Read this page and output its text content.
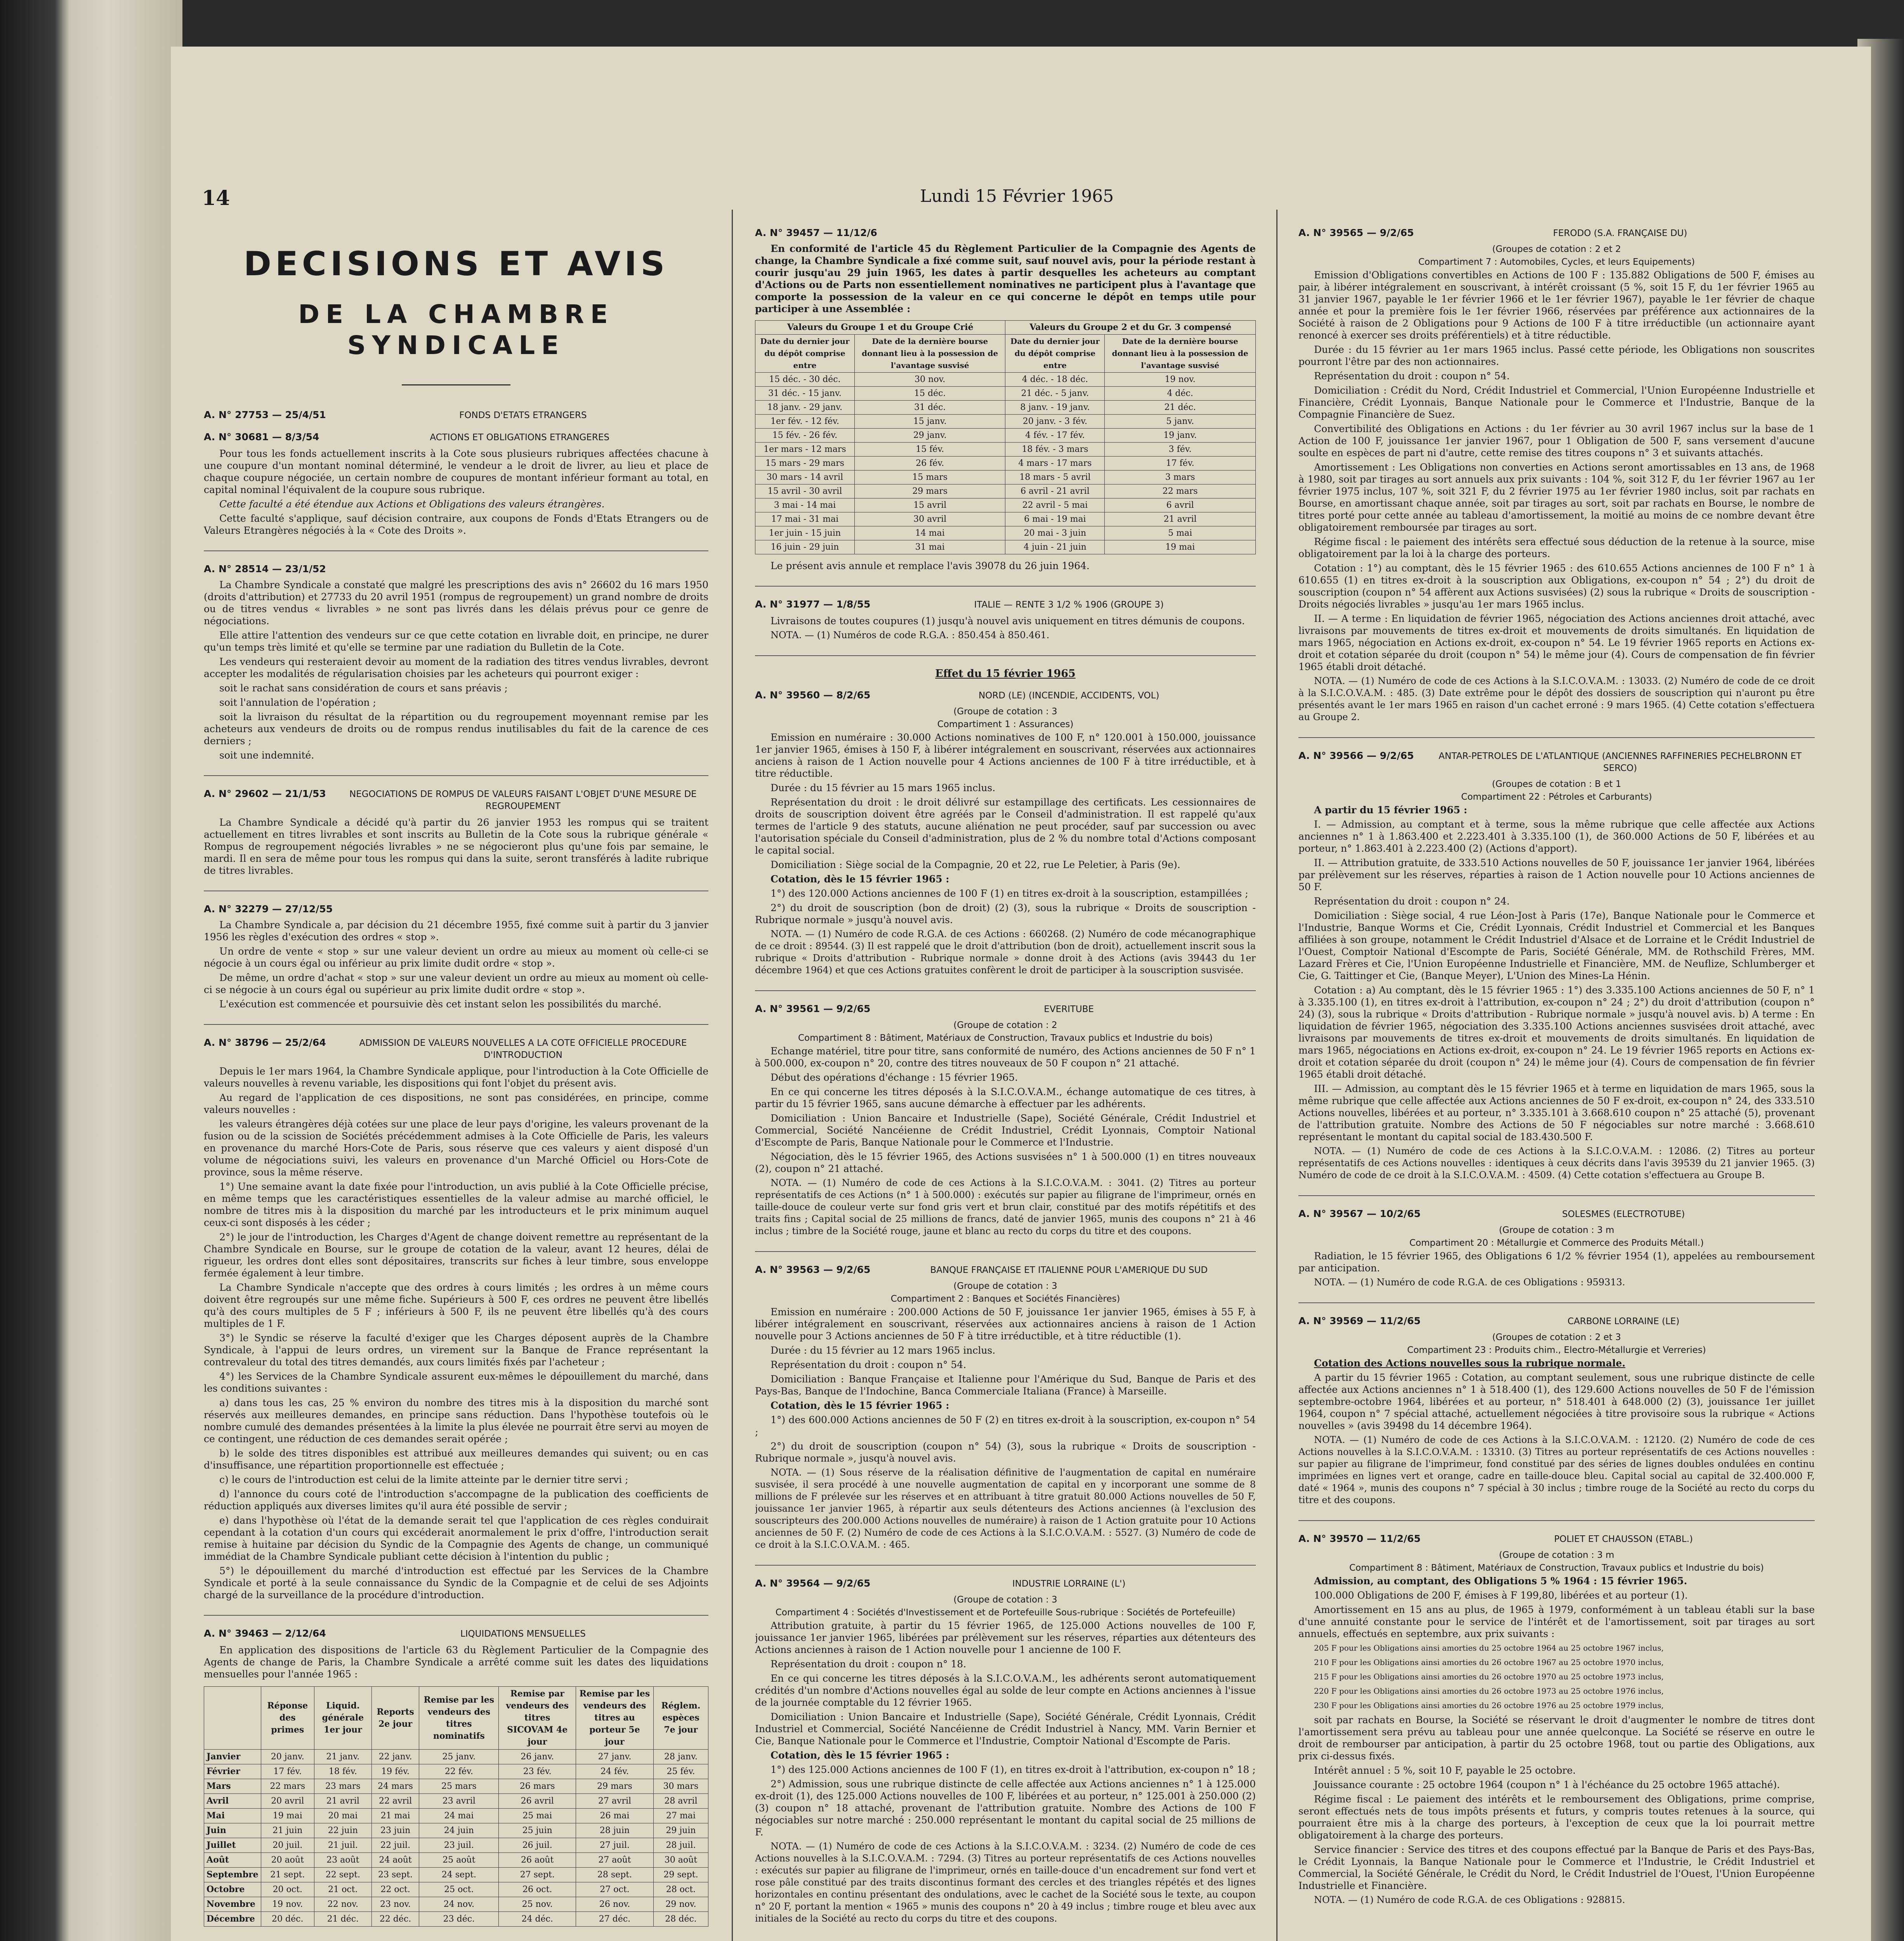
14	Lundi 15 Février 1965
DECISIONS ET AVIS
DE LA CHAMBRE SYNDICALE
A. N° 27753 — 25/4/51	FONDS D'ETATS ETRANGERS
A. N° 30681 — 8/3/54	ACTIONS ET OBLIGATIONS ETRANGERES

Pour tous les fonds actuellement inscrits à la Cote sous plusieurs rubriques affectées chacune à une coupure d'un montant nominal déterminé, le vendeur a le droit de livrer, au lieu et place de chaque coupure négociée, un certain nombre de coupures de montant inférieur formant au total, en capital nominal l'équivalent de la coupure sous rubrique.

Cette faculté a été étendue aux Actions et Obligations des valeurs étrangères.

Cette faculté s'applique, sauf décision contraire, aux coupons de Fonds d'Etats Etrangers ou de Valeurs Etrangères négociés à la « Cote des Droits ».

A. N° 28514 — 23/1/52

La Chambre Syndicale a constaté que malgré les prescriptions des avis n° 26602 du 16 mars 1950 (droits d'attribution) et 27733 du 20 avril 1951 (rompus de regroupement) un grand nombre de droits ou de titres vendus « livrables » ne sont pas livrés dans les délais prévus pour ce genre de négociations.

Elle attire l'attention des vendeurs sur ce que cette cotation en livrable doit, en principe, ne durer qu'un temps très limité et qu'elle se termine par une radiation du Bulletin de la Cote.

Les vendeurs qui resteraient devoir au moment de la radiation des titres vendus livrables, devront accepter les modalités de régularisation choisies par les acheteurs qui pourront exiger :

soit le rachat sans considération de cours et sans préavis ;

soit l'annulation de l'opération ;

soit la livraison du résultat de la répartition ou du regroupement moyennant remise par les acheteurs aux vendeurs de droits ou de rompus rendus inutilisables du fait de la carence de ces derniers ;

soit une indemnité.

A. N° 29602 — 21/1/53	NEGOCIATIONS DE ROMPUS DE VALEURS FAISANT L'OBJET D'UNE MESURE DE REGROUPEMENT

La Chambre Syndicale a décidé qu'à partir du 26 janvier 1953 les rompus qui se traitent actuellement en titres livrables et sont inscrits au Bulletin de la Cote sous la rubrique générale « Rompus de regroupement négociés livrables » ne se négocieront plus qu'une fois par semaine, le mardi. Il en sera de même pour tous les rompus qui dans la suite, seront transférés à ladite rubrique de titres livrables.

A. N° 32279 — 27/12/55

La Chambre Syndicale a, par décision du 21 décembre 1955, fixé comme suit à partir du 3 janvier 1956 les règles d'exécution des ordres « stop ».

Un ordre de vente « stop » sur une valeur devient un ordre au mieux au moment où celle-ci se négocie à un cours égal ou inférieur au prix limite dudit ordre « stop ».

De même, un ordre d'achat « stop » sur une valeur devient un ordre au mieux au moment où celle-ci se négocie à un cours égal ou supérieur au prix limite dudit ordre « stop ».

L'exécution est commencée et poursuivie dès cet instant selon les possibilités du marché.

A. N° 38796 — 25/2/64	ADMISSION DE VALEURS NOUVELLES A LA COTE OFFICIELLE PROCEDURE D'INTRODUCTION

Depuis le 1er mars 1964, la Chambre Syndicale applique, pour l'introduction à la Cote Officielle de valeurs nouvelles à revenu variable, les dispositions qui font l'objet du présent avis.

Au regard de l'application de ces dispositions, ne sont pas considérées, en principe, comme valeurs nouvelles :

les valeurs étrangères déjà cotées sur une place de leur pays d'origine, les valeurs provenant de la fusion ou de la scission de Sociétés précédemment admises à la Cote Officielle de Paris, les valeurs en provenance du marché Hors-Cote de Paris, sous réserve que ces valeurs y aient disposé d'un volume de négociations suivi, les valeurs en provenance d'un Marché Officiel ou Hors-Cote de province, sous la même réserve.

1°) Une semaine avant la date fixée pour l'introduction, un avis publié à la Cote Officielle précise, en même temps que les caractéristiques essentielles de la valeur admise au marché officiel, le nombre de titres mis à la disposition du marché par les introducteurs et le prix minimum auquel ceux-ci sont disposés à les céder ;

2°) le jour de l'introduction, les Charges d'Agent de change doivent remettre au représentant de la Chambre Syndicale en Bourse, sur le groupe de cotation de la valeur, avant 12 heures, délai de rigueur, les ordres dont elles sont dépositaires, transcrits sur fiches à leur timbre, sous enveloppe fermée également à leur timbre.

La Chambre Syndicale n'accepte que des ordres à cours limités ; les ordres à un même cours doivent être regroupés sur une même fiche. Supérieurs à 500 F, ces ordres ne peuvent être libellés qu'à des cours multiples de 5 F ; inférieurs à 500 F, ils ne peuvent être libellés qu'à des cours multiples de 1 F.

3°) le Syndic se réserve la faculté d'exiger que les Charges déposent auprès de la Chambre Syndicale, à l'appui de leurs ordres, un virement sur la Banque de France représentant la contrevaleur du total des titres demandés, aux cours limités fixés par l'acheteur ;

4°) les Services de la Chambre Syndicale assurent eux-mêmes le dépouillement du marché, dans les conditions suivantes :

a) dans tous les cas, 25 % environ du nombre des titres mis à la disposition du marché sont réservés aux meilleures demandes, en principe sans réduction. Dans l'hypothèse toutefois où le nombre cumulé des demandes présentées à la limite la plus élevée ne pourrait être servi au moyen de ce contingent, une réduction de ces demandes serait opérée ;

b) le solde des titres disponibles est attribué aux meilleures demandes qui suivent; ou en cas d'insuffisance, une répartition proportionnelle est effectuée ;

c) le cours de l'introduction est celui de la limite atteinte par le dernier titre servi ;

d) l'annonce du cours coté de l'introduction s'accompagne de la publication des coefficients de réduction appliqués aux diverses limites qu'il aura été possible de servir ;

e) dans l'hypothèse où l'état de la demande serait tel que l'application de ces règles conduirait cependant à la cotation d'un cours qui excéderait anormalement le prix d'offre, l'introduction serait remise à huitaine par décision du Syndic de la Compagnie des Agents de change, un communiqué immédiat de la Chambre Syndicale publiant cette décision à l'intention du public ;

5°) le dépouillement du marché d'introduction est effectué par les Services de la Chambre Syndicale et porté à la seule connaissance du Syndic de la Compagnie et de celui de ses Adjoints chargé de la surveillance de la procédure d'introduction.

A. N° 39463 — 2/12/64	LIQUIDATIONS MENSUELLES

En application des dispositions de l'article 63 du Règlement Particulier de la Compagnie des Agents de change de Paris, la Chambre Syndicale a arrêté comme suit les dates des liquidations mensuelles pour l'année 1965 :

	Réponse des primes	Liquid. générale 1er jour	Reports 2e jour	Remise par les vendeurs des titres nominatifs	Remise par vendeurs des titres SICOVAM 4e jour	Remise par les vendeurs des titres au porteur 5e jour	Réglem. espèces 7e jour
Janvier	20 janv.	21 janv.	22 janv.	25 janv.	26 janv.	27 janv.	28 janv.
Février	17 fév.	18 fév.	19 fév.	22 fév.	23 fév.	24 fév.	25 fév.
Mars	22 mars	23 mars	24 mars	25 mars	26 mars	29 mars	30 mars
Avril	20 avril	21 avril	22 avril	23 avril	26 avril	27 avril	28 avril
Mai	19 mai	20 mai	21 mai	24 mai	25 mai	26 mai	27 mai
Juin	21 juin	22 juin	23 juin	24 juin	25 juin	28 juin	29 juin
Juillet	20 juil.	21 juil.	22 juil.	23 juil.	26 juil.	27 juil.	28 juil.
Août	20 août	23 août	24 août	25 août	26 août	27 août	30 août
Septembre	21 sept.	22 sept.	23 sept.	24 sept.	27 sept.	28 sept.	29 sept.
Octobre	20 oct.	21 oct.	22 oct.	25 oct.	26 oct.	27 oct.	28 oct.
Novembre	19 nov.	22 nov.	23 nov.	24 nov.	25 nov.	26 nov.	29 nov.
Décembre	20 déc.	21 déc.	22 déc.	23 déc.	24 déc.	27 déc.	28 déc.
A. N° 39457 — 11/12/6

En conformité de l'article 45 du Règlement Particulier de la Compagnie des Agents de change, la Chambre Syndicale a fixé comme suit, sauf nouvel avis, pour la période restant à courir jusqu'au 29 juin 1965, les dates à partir desquelles les acheteurs au comptant d'Actions ou de Parts non essentiellement nominatives ne participent plus à l'avantage que comporte la possession de la valeur en ce qui concerne le dépôt en temps utile pour participer à une Assemblée :

Valeurs du Groupe 1 et du Groupe Crié		Valeurs du Groupe 2 et du Gr. 3 compensé	
Date du dernier jour du dépôt comprise entre	Date de la dernière bourse donnant lieu à la possession de l'avantage susvisé	Date du dernier jour du dépôt comprise entre	Date de la dernière bourse donnant lieu à la possession de l'avantage susvisé
15 déc. - 30 déc.	30 nov.	4 déc. - 18 déc.	19 nov.
31 déc. - 15 janv.	15 déc.	21 déc. - 5 janv.	4 déc.
18 janv. - 29 janv.	31 déc.	8 janv. - 19 janv.	21 déc.
1er fév. - 12 fév.	15 janv.	20 janv. - 3 fév.	5 janv.
15 fév. - 26 fév.	29 janv.	4 fév. - 17 fév.	19 janv.
1er mars - 12 mars	15 fév.	18 fév. - 3 mars	3 fév.
15 mars - 29 mars	26 fév.	4 mars - 17 mars	17 fév.
30 mars - 14 avril	15 mars	18 mars - 5 avril	3 mars
15 avril - 30 avril	29 mars	6 avril - 21 avril	22 mars
3 mai - 14 mai	15 avril	22 avril - 5 mai	6 avril
17 mai - 31 mai	30 avril	6 mai - 19 mai	21 avril
1er juin - 15 juin	14 mai	20 mai - 3 juin	5 mai
16 juin - 29 juin	31 mai	4 juin - 21 juin	19 mai

Le présent avis annule et remplace l'avis 39078 du 26 juin 1964.

A. N° 31977 — 1/8/55	ITALIE — RENTE 3 1/2 % 1906 (GROUPE 3)

Livraisons de toutes coupures (1) jusqu'à nouvel avis uniquement en titres démunis de coupons.

NOTA. — (1) Numéros de code R.G.A. : 850.454 à 850.461.

Effet du 15 février 1965
A. N° 39560 — 8/2/65	NORD (LE) (INCENDIE, ACCIDENTS, VOL)
(Groupe de cotation : 3
Compartiment 1 : Assurances)

Emission en numéraire : 30.000 Actions nominatives de 100 F, n° 120.001 à 150.000, jouissance 1er janvier 1965, émises à 150 F, à libérer intégralement en souscrivant, réservées aux actionnaires anciens à raison de 1 Action nouvelle pour 4 Actions anciennes de 100 F à titre irréductible, et à titre réductible.

Durée : du 15 février au 15 mars 1965 inclus.

Représentation du droit : le droit délivré sur estampillage des certificats. Les cessionnaires de droits de souscription doivent être agréés par le Conseil d'administration. Il est rappelé qu'aux termes de l'article 9 des statuts, aucune aliénation ne peut procéder, sauf par succession ou avec l'autorisation spéciale du Conseil d'administration, plus de 2 % du nombre total d'Actions composant le capital social.

Domiciliation : Siège social de la Compagnie, 20 et 22, rue Le Peletier, à Paris (9e).

Cotation, dès le 15 février 1965 :

1°) des 120.000 Actions anciennes de 100 F (1) en titres ex-droit à la souscription, estampillées ;

2°) du droit de souscription (bon de droit) (2) (3), sous la rubrique « Droits de souscription - Rubrique normale » jusqu'à nouvel avis.

NOTA. — (1) Numéro de code R.G.A. de ces Actions : 660268. (2) Numéro de code mécanographique de ce droit : 89544. (3) Il est rappelé que le droit d'attribution (bon de droit), actuellement inscrit sous la rubrique « Droits d'attribution - Rubrique normale » donne droit à des Actions (avis 39443 du 1er décembre 1964) et que ces Actions gratuites confèrent le droit de participer à la souscription susvisée.

A. N° 39561 — 9/2/65	EVERITUBE
(Groupe de cotation : 2
Compartiment 8 : Bâtiment, Matériaux de Construction, Travaux publics et Industrie du bois)

Echange matériel, titre pour titre, sans conformité de numéro, des Actions anciennes de 50 F n° 1 à 500.000, ex-coupon n° 20, contre des titres nouveaux de 50 F coupon n° 21 attaché.

Début des opérations d'échange : 15 février 1965.

En ce qui concerne les titres déposés à la S.I.C.O.V.A.M., échange automatique de ces titres, à partir du 15 février 1965, sans aucune démarche à effectuer par les adhérents.

Domiciliation : Union Bancaire et Industrielle (Sape), Société Générale, Crédit Industriel et Commercial, Société Nancéienne de Crédit Industriel, Crédit Lyonnais, Comptoir National d'Escompte de Paris, Banque Nationale pour le Commerce et l'Industrie.

Négociation, dès le 15 février 1965, des Actions susvisées n° 1 à 500.000 (1) en titres nouveaux (2), coupon n° 21 attaché.

NOTA. — (1) Numéro de code de ces Actions à la S.I.C.O.V.A.M. : 3041. (2) Titres au porteur représentatifs de ces Actions (n° 1 à 500.000) : exécutés sur papier au filigrane de l'imprimeur, ornés en taille-douce de couleur verte sur fond gris vert et brun clair, constitué par des motifs répétitifs et des traits fins ; Capital social de 25 millions de francs, daté de janvier 1965, munis des coupons n° 21 à 46 inclus ; timbre de la Société rouge, jaune et blanc au recto du corps du titre et des coupons.

A. N° 39563 — 9/2/65	BANQUE FRANÇAISE ET ITALIENNE POUR L'AMERIQUE DU SUD
(Groupe de cotation : 3
Compartiment 2 : Banques et Sociétés Financières)

Emission en numéraire : 200.000 Actions de 50 F, jouissance 1er janvier 1965, émises à 55 F, à libérer intégralement en souscrivant, réservées aux actionnaires anciens à raison de 1 Action nouvelle pour 3 Actions anciennes de 50 F à titre irréductible, et à titre réductible (1).

Durée : du 15 février au 12 mars 1965 inclus.

Représentation du droit : coupon n° 54.

Domiciliation : Banque Française et Italienne pour l'Amérique du Sud, Banque de Paris et des Pays-Bas, Banque de l'Indochine, Banca Commerciale Italiana (France) à Marseille.

Cotation, dès le 15 février 1965 :

1°) des 600.000 Actions anciennes de 50 F (2) en titres ex-droit à la souscription, ex-coupon n° 54 ;

2°) du droit de souscription (coupon n° 54) (3), sous la rubrique « Droits de souscription - Rubrique normale », jusqu'à nouvel avis.

NOTA. — (1) Sous réserve de la réalisation définitive de l'augmentation de capital en numéraire susvisée, il sera procédé à une nouvelle augmentation de capital en y incorporant une somme de 8 millions de F prélevée sur les réserves et en attribuant à titre gratuit 80.000 Actions nouvelles de 50 F, jouissance 1er janvier 1965, à répartir aux seuls détenteurs des Actions anciennes (à l'exclusion des souscripteurs des 200.000 Actions nouvelles de numéraire) à raison de 1 Action gratuite pour 10 Actions anciennes de 50 F. (2) Numéro de code de ces Actions à la S.I.C.O.V.A.M. : 5527. (3) Numéro de code de ce droit à la S.I.C.O.V.A.M. : 465.

A. N° 39564 — 9/2/65	INDUSTRIE LORRAINE (L')
(Groupe de cotation : 3
Compartiment 4 : Sociétés d'Investissement et de Portefeuille Sous-rubrique : Sociétés de Portefeuille)

Attribution gratuite, à partir du 15 février 1965, de 125.000 Actions nouvelles de 100 F, jouissance 1er janvier 1965, libérées par prélèvement sur les réserves, réparties aux détenteurs des Actions anciennes à raison de 1 Action nouvelle pour 1 ancienne de 100 F.

Représentation du droit : coupon n° 18.

En ce qui concerne les titres déposés à la S.I.C.O.V.A.M., les adhérents seront automatiquement crédités d'un nombre d'Actions nouvelles égal au solde de leur compte en Actions anciennes à l'issue de la journée comptable du 12 février 1965.

Domiciliation : Union Bancaire et Industrielle (Sape), Société Générale, Crédit Lyonnais, Crédit Industriel et Commercial, Société Nancéienne de Crédit Industriel à Nancy, MM. Varin Bernier et Cie, Banque Nationale pour le Commerce et l'Industrie, Comptoir National d'Escompte de Paris.

Cotation, dès le 15 février 1965 :

1°) des 125.000 Actions anciennes de 100 F (1), en titres ex-droit à l'attribution, ex-coupon n° 18 ;

2°) Admission, sous une rubrique distincte de celle affectée aux Actions anciennes n° 1 à 125.000 ex-droit (1), des 125.000 Actions nouvelles de 100 F, libérées et au porteur, n° 125.001 à 250.000 (2) (3) coupon n° 18 attaché, provenant de l'attribution gratuite. Nombre des Actions de 100 F négociables sur notre marché : 250.000 représentant le montant du capital social de 25 millions de F.

NOTA. — (1) Numéro de code de ces Actions à la S.I.C.O.V.A.M. : 3234. (2) Numéro de code de ces Actions nouvelles à la S.I.C.O.V.A.M. : 7294. (3) Titres au porteur représentatifs de ces Actions nouvelles : exécutés sur papier au filigrane de l'imprimeur, ornés en taille-douce d'un encadrement sur fond vert et rose pâle constitué par des traits discontinus formant des cercles et des triangles répétés et des lignes horizontales en continu présentant des ondulations, avec le cachet de la Société sous le texte, au coupon n° 20 F, portant la mention « 1965 » munis des coupons n° 20 à 49 inclus ; timbre rouge et bleu avec aux initiales de la Société au recto du corps du titre et des coupons.

A. N° 39565 — 9/2/65	FERODO (S.A. FRANÇAISE DU)
(Groupes de cotation : 2 et 2
Compartiment 7 : Automobiles, Cycles, et leurs Equipements)

Emission d'Obligations convertibles en Actions de 100 F : 135.882 Obligations de 500 F, émises au pair, à libérer intégralement en souscrivant, à intérêt croissant (5 %, soit 15 F, du 1er février 1965 au 31 janvier 1967, payable le 1er février 1966 et le 1er février 1967), payable le 1er février de chaque année et pour la première fois le 1er février 1966, réservées par préférence aux actionnaires de la Société à raison de 2 Obligations pour 9 Actions de 100 F à titre irréductible (un actionnaire ayant renoncé à exercer ses droits préférentiels) et à titre réductible.

Durée : du 15 février au 1er mars 1965 inclus. Passé cette période, les Obligations non souscrites pourront l'être par des non actionnaires.

Représentation du droit : coupon n° 54.

Domiciliation : Crédit du Nord, Crédit Industriel et Commercial, l'Union Européenne Industrielle et Financière, Crédit Lyonnais, Banque Nationale pour le Commerce et l'Industrie, Banque de la Compagnie Financière de Suez.

Convertibilité des Obligations en Actions : du 1er février au 30 avril 1967 inclus sur la base de 1 Action de 100 F, jouissance 1er janvier 1967, pour 1 Obligation de 500 F, sans versement d'aucune soulte en espèces de part ni d'autre, cette remise des titres coupons n° 3 et suivants attachés.

Amortissement : Les Obligations non converties en Actions seront amortissables en 13 ans, de 1968 à 1980, soit par tirages au sort annuels aux prix suivants : 104 %, soit 312 F, du 1er février 1967 au 1er février 1975 inclus, 107 %, soit 321 F, du 2 février 1975 au 1er février 1980 inclus, soit par rachats en Bourse, en amortissant chaque année, soit par tirages au sort, soit par rachats en Bourse, le nombre de titres porté pour cette année au tableau d'amortissement, la moitié au moins de ce nombre devant être obligatoirement remboursée par tirages au sort.

Régime fiscal : le paiement des intérêts sera effectué sous déduction de la retenue à la source, mise obligatoirement par la loi à la charge des porteurs.

Cotation : 1°) au comptant, dès le 15 février 1965 : des 610.655 Actions anciennes de 100 F n° 1 à 610.655 (1) en titres ex-droit à la souscription aux Obligations, ex-coupon n° 54 ; 2°) du droit de souscription (coupon n° 54 affèrent aux Actions susvisées) (2) sous la rubrique « Droits de souscription - Droits négociés livrables » jusqu'au 1er mars 1965 inclus.

II. — A terme : En liquidation de février 1965, négociation des Actions anciennes droit attaché, avec livraisons par mouvements de titres ex-droit et mouvements de droits simultanés. En liquidation de mars 1965, négociation en Actions ex-droit, ex-coupon n° 54. Le 19 février 1965 reports en Actions ex-droit et cotation séparée du droit (coupon n° 54) le même jour (4). Cours de compensation de fin février 1965 établi droit détaché.

NOTA. — (1) Numéro de code de ces Actions à la S.I.C.O.V.A.M. : 13033. (2) Numéro de code de ce droit à la S.I.C.O.V.A.M. : 485. (3) Date extrême pour le dépôt des dossiers de souscription qui n'auront pu être présentés avant le 1er mars 1965 en raison d'un cachet erroné : 9 mars 1965. (4) Cette cotation s'effectuera au Groupe 2.

A. N° 39566 — 9/2/65	ANTAR-PETROLES DE L'ATLANTIQUE (ANCIENNES RAFFINERIES PECHELBRONN ET SERCO)
(Groupes de cotation : B et 1
Compartiment 22 : Pétroles et Carburants)

A partir du 15 février 1965 :

I. — Admission, au comptant et à terme, sous la même rubrique que celle affectée aux Actions anciennes n° 1 à 1.863.400 et 2.223.401 à 3.335.100 (1), de 360.000 Actions de 50 F, libérées et au porteur, n° 1.863.401 à 2.223.400 (2) (Actions d'apport).

II. — Attribution gratuite, de 333.510 Actions nouvelles de 50 F, jouissance 1er janvier 1964, libérées par prélèvement sur les réserves, réparties à raison de 1 Action nouvelle pour 10 Actions anciennes de 50 F.

Représentation du droit : coupon n° 24.

Domiciliation : Siège social, 4 rue Léon-Jost à Paris (17e), Banque Nationale pour le Commerce et l'Industrie, Banque Worms et Cie, Crédit Lyonnais, Crédit Industriel et Commercial et les Banques affiliées à son groupe, notamment le Crédit Industriel d'Alsace et de Lorraine et le Crédit Industriel de l'Ouest, Comptoir National d'Escompte de Paris, Société Générale, MM. de Rothschild Frères, MM. Lazard Frères et Cie, l'Union Européenne Industrielle et Financière, MM. de Neuflize, Schlumberger et Cie, G. Taittinger et Cie, (Banque Meyer), L'Union des Mines-La Hénin.

Cotation : a) Au comptant, dès le 15 février 1965 : 1°) des 3.335.100 Actions anciennes de 50 F, n° 1 à 3.335.100 (1), en titres ex-droit à l'attribution, ex-coupon n° 24 ; 2°) du droit d'attribution (coupon n° 24) (3), sous la rubrique « Droits d'attribution - Rubrique normale » jusqu'à nouvel avis. b) A terme : En liquidation de février 1965, négociation des 3.335.100 Actions anciennes susvisées droit attaché, avec livraisons par mouvements de titres ex-droit et mouvements de droits simultanés. En liquidation de mars 1965, négociations en Actions ex-droit, ex-coupon n° 24. Le 19 février 1965 reports en Actions ex-droit et cotation séparée du droit (coupon n° 24) le même jour (4). Cours de compensation de fin février 1965 établi droit détaché.

III. — Admission, au comptant dès le 15 février 1965 et à terme en liquidation de mars 1965, sous la même rubrique que celle affectée aux Actions anciennes de 50 F ex-droit, ex-coupon n° 24, des 333.510 Actions nouvelles, libérées et au porteur, n° 3.335.101 à 3.668.610 coupon n° 25 attaché (5), provenant de l'attribution gratuite. Nombre des Actions de 50 F négociables sur notre marché : 3.668.610 représentant le montant du capital social de 183.430.500 F.

NOTA. — (1) Numéro de code de ces Actions à la S.I.C.O.V.A.M. : 12086. (2) Titres au porteur représentatifs de ces Actions nouvelles : identiques à ceux décrits dans l'avis 39539 du 21 janvier 1965. (3) Numéro de code de ce droit à la S.I.C.O.V.A.M. : 4509. (4) Cette cotation s'effectuera au Groupe B.

A. N° 39567 — 10/2/65	SOLESMES (ELECTROTUBE)
(Groupe de cotation : 3 m
Compartiment 20 : Métallurgie et Commerce des Produits Métall.)

Radiation, le 15 février 1965, des Obligations 6 1/2 % février 1954 (1), appelées au remboursement par anticipation.

NOTA. — (1) Numéro de code R.G.A. de ces Obligations : 959313.

A. N° 39569 — 11/2/65	CARBONE LORRAINE (LE)
(Groupes de cotation : 2 et 3
Compartiment 23 : Produits chim., Electro-Métallurgie et Verreries)

Cotation des Actions nouvelles sous la rubrique normale.

A partir du 15 février 1965 : Cotation, au comptant seulement, sous une rubrique distincte de celle affectée aux Actions anciennes n° 1 à 518.400 (1), des 129.600 Actions nouvelles de 50 F de l'émission septembre-octobre 1964, libérées et au porteur, n° 518.401 à 648.000 (2) (3), jouissance 1er juillet 1964, coupon n° 7 spécial attaché, actuellement négociées à titre provisoire sous la rubrique « Actions nouvelles » (avis 39498 du 14 décembre 1964).

NOTA. — (1) Numéro de code de ces Actions à la S.I.C.O.V.A.M. : 12120. (2) Numéro de code de ces Actions nouvelles à la S.I.C.O.V.A.M. : 13310. (3) Titres au porteur représentatifs de ces Actions nouvelles : sur papier au filigrane de l'imprimeur, fond constitué par des séries de lignes doubles ondulées en continu imprimées en lignes vert et orange, cadre en taille-douce bleu. Capital social au capital de 32.400.000 F, daté « 1964 », munis des coupons n° 7 spécial à 30 inclus ; timbre rouge de la Société au recto du corps du titre et des coupons.

A. N° 39570 — 11/2/65	POLIET ET CHAUSSON (ETABL.)
(Groupe de cotation : 3 m
Compartiment 8 : Bâtiment, Matériaux de Construction, Travaux publics et Industrie du bois)

Admission, au comptant, des Obligations 5 % 1964 : 15 février 1965.

100.000 Obligations de 200 F, émises à F 199,80, libérées et au porteur (1).

Amortissement en 15 ans au plus, de 1965 à 1979, conformément à un tableau établi sur la base d'une annuité constante pour le service de l'intérêt et de l'amortissement, soit par tirages au sort annuels, effectués en septembre, aux prix suivants :

205 F pour les Obligations ainsi amorties du 25 octobre 1964 au 25 octobre 1967 inclus,

210 F pour les Obligations ainsi amorties du 26 octobre 1967 au 25 octobre 1970 inclus,

215 F pour les Obligations ainsi amorties du 26 octobre 1970 au 25 octobre 1973 inclus,

220 F pour les Obligations ainsi amorties du 26 octobre 1973 au 25 octobre 1976 inclus,

230 F pour les Obligations ainsi amorties du 26 octobre 1976 au 25 octobre 1979 inclus,

soit par rachats en Bourse, la Société se réservant le droit d'augmenter le nombre de titres dont l'amortissement sera prévu au tableau pour une année quelconque. La Société se réserve en outre le droit de rembourser par anticipation, à partir du 25 octobre 1968, tout ou partie des Obligations, aux prix ci-dessus fixés.

Intérêt annuel : 5 %, soit 10 F, payable le 25 octobre.

Jouissance courante : 25 octobre 1964 (coupon n° 1 à l'échéance du 25 octobre 1965 attaché).

Régime fiscal : Le paiement des intérêts et le remboursement des Obligations, prime comprise, seront effectués nets de tous impôts présents et futurs, y compris toutes retenues à la source, qui pourraient être mis à la charge des porteurs, à l'exception de ceux que la loi pourrait mettre obligatoirement à la charge des porteurs.

Service financier : Service des titres et des coupons effectué par la Banque de Paris et des Pays-Bas, le Crédit Lyonnais, la Banque Nationale pour le Commerce et l'Industrie, le Crédit Industriel et Commercial, la Société Générale, le Crédit du Nord, le Crédit Industriel de l'Ouest, l'Union Européenne Industrielle et Financière.

NOTA. — (1) Numéro de code R.G.A. de ces Obligations : 928815.
